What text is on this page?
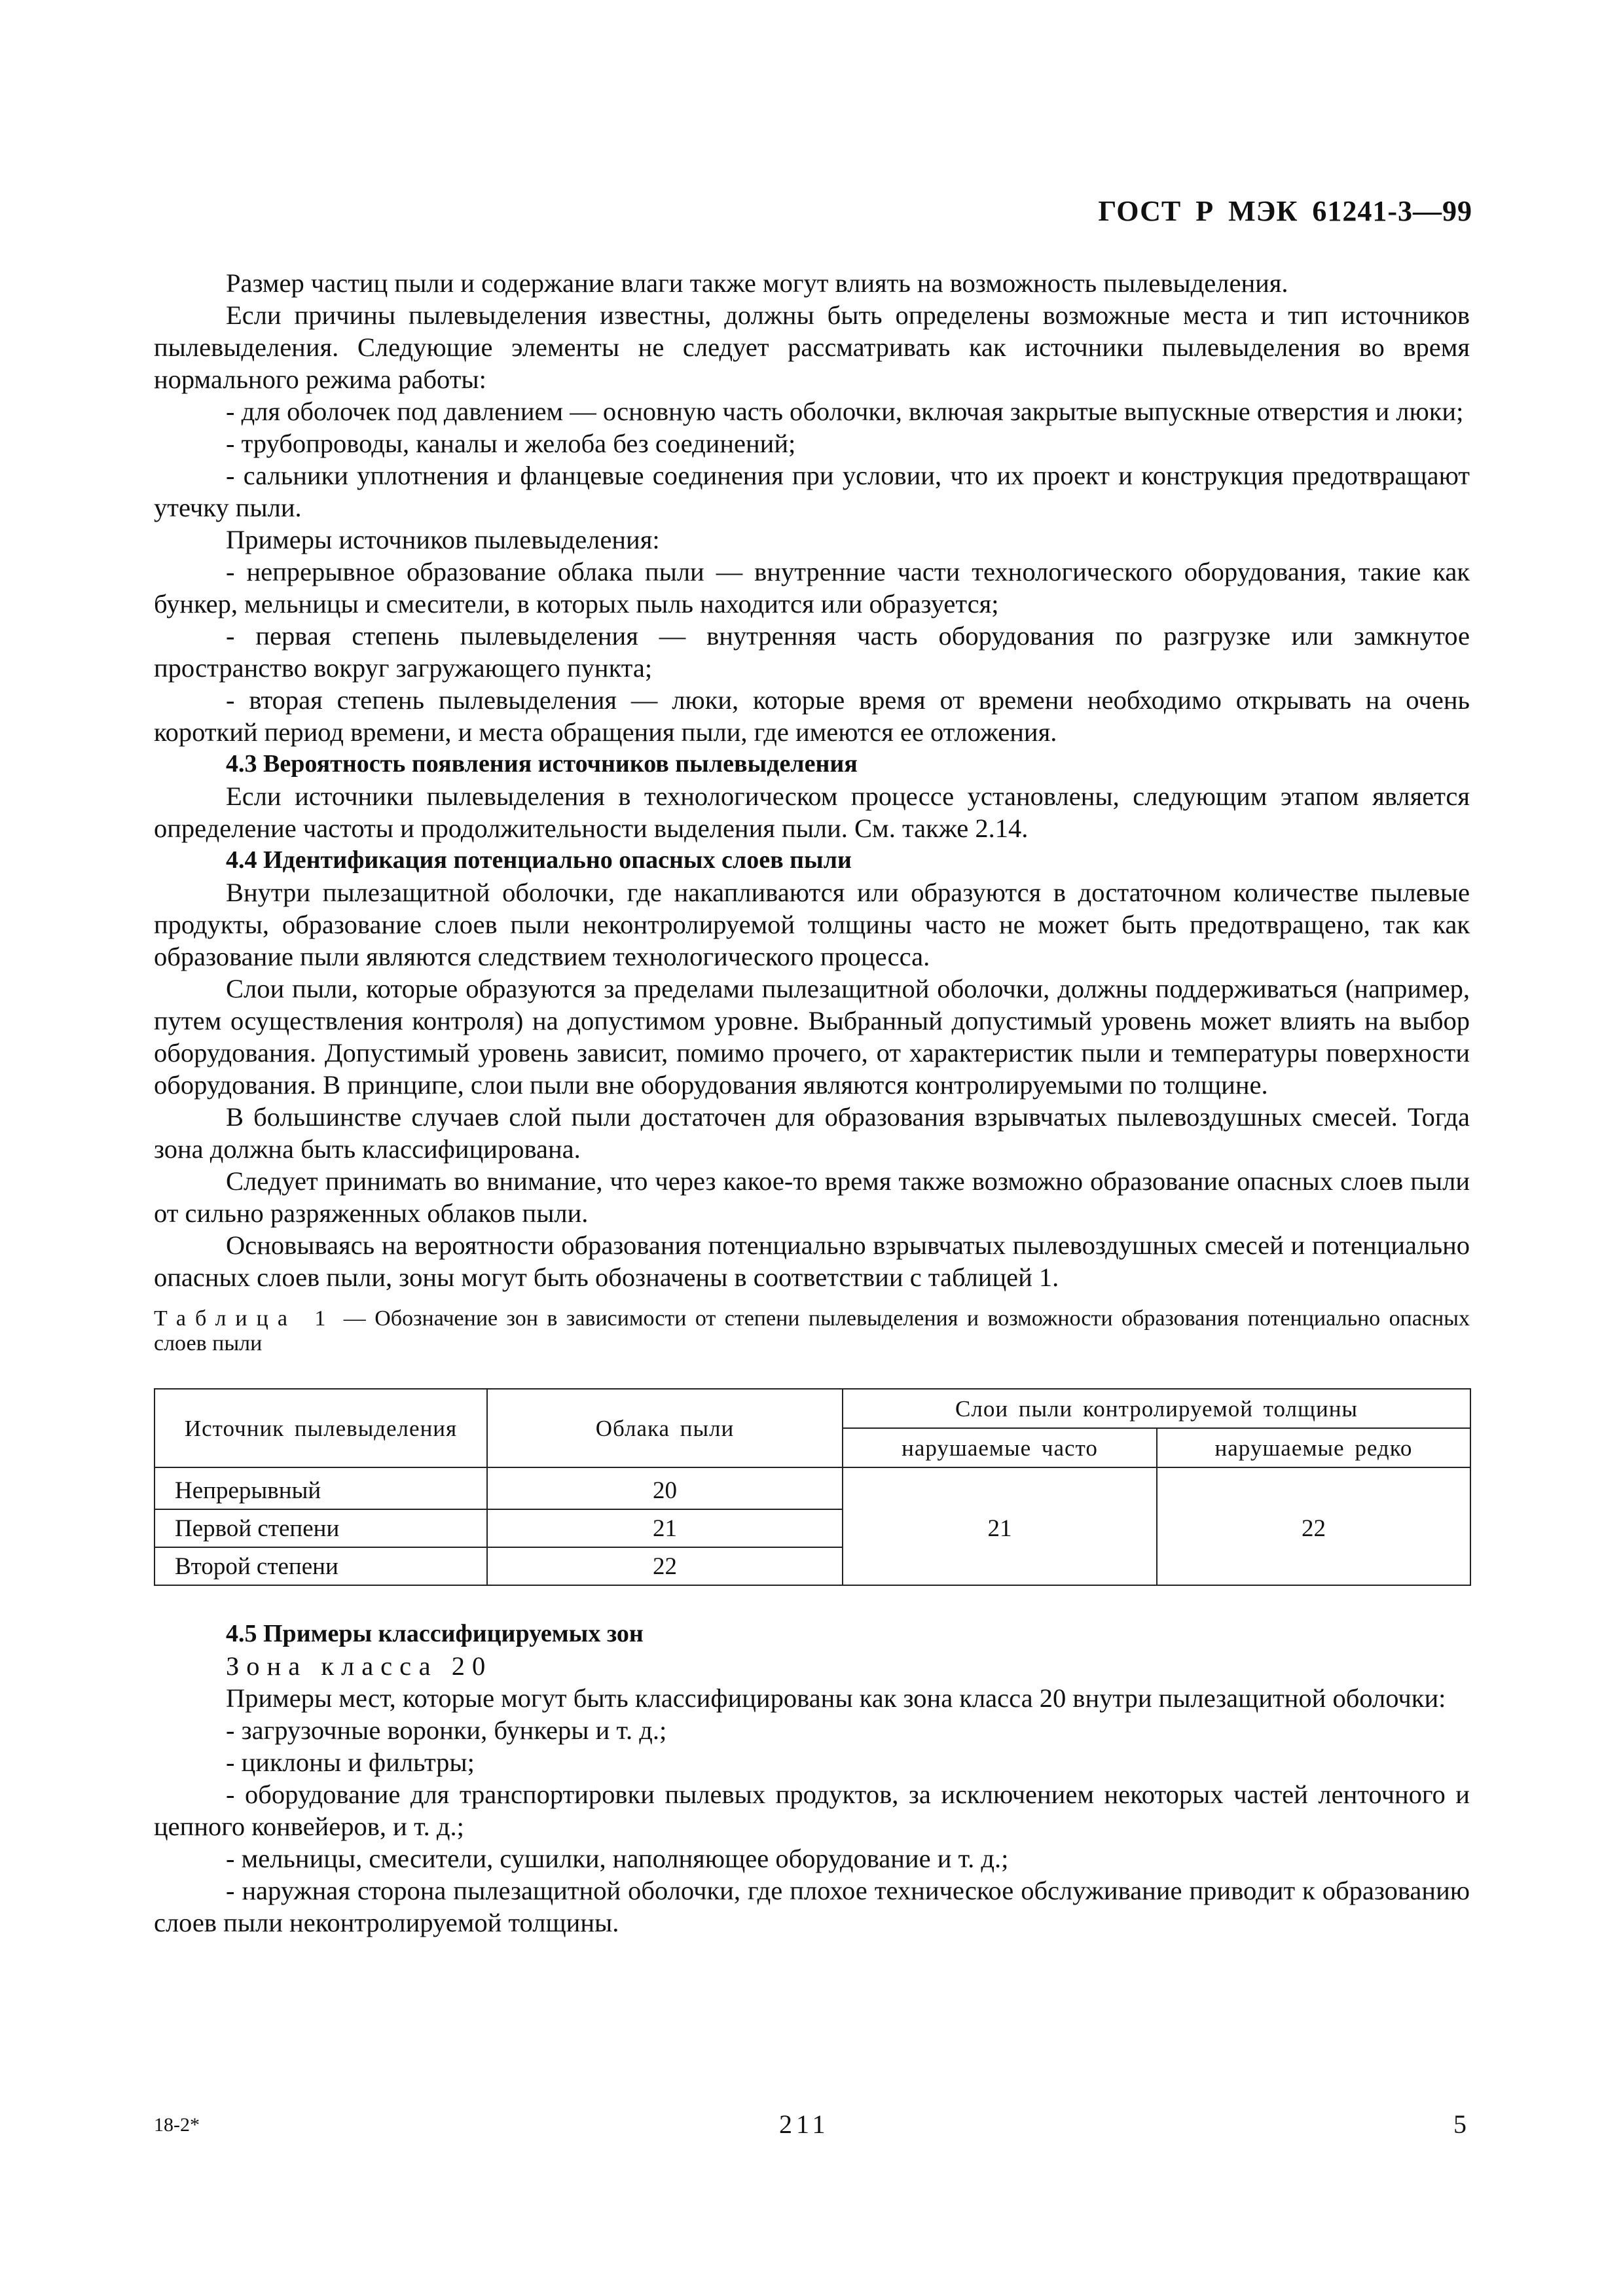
ГОСТ Р МЭК 61241-3—99

Размер частиц пыли и содержание влаги также могут влиять на возможность пылевыделения.

Если причины пылевыделения известны, должны быть определены возможные места и тип источников пылевыделения. Следующие элементы не следует рассматривать как источники пылевыделения во время нормального режима работы:

- для оболочек под давлением — основную часть оболочки, включая закрытые выпускные отверстия и люки;

- трубопроводы, каналы и желоба без соединений;

- сальники уплотнения и фланцевые соединения при условии, что их проект и конструкция предотвращают утечку пыли.

Примеры источников пылевыделения:

- непрерывное образование облака пыли — внутренние части технологического оборудования, такие как бункер, мельницы и смесители, в которых пыль находится или образуется;

- первая степень пылевыделения — внутренняя часть оборудования по разгрузке или замкнутое пространство вокруг загружающего пункта;

- вторая степень пылевыделения — люки, которые время от времени необходимо открывать на очень короткий период времени, и места обращения пыли, где имеются ее отложения.

4.3 Вероятность появления источников пылевыделения

Если источники пылевыделения в технологическом процессе установлены, следующим этапом является определение частоты и продолжительности выделения пыли. См. также 2.14.

4.4 Идентификация потенциально опасных слоев пыли

Внутри пылезащитной оболочки, где накапливаются или образуются в достаточном количестве пылевые продукты, образование слоев пыли неконтролируемой толщины часто не может быть предотвращено, так как образование пыли являются следствием технологического процесса.

Слои пыли, которые образуются за пределами пылезащитной оболочки, должны поддерживаться (например, путем осуществления контроля) на допустимом уровне. Выбранный допустимый уровень может влиять на выбор оборудования. Допустимый уровень зависит, помимо прочего, от характеристик пыли и температуры поверхности оборудования. В принципе, слои пыли вне оборудования являются контролируемыми по толщине.

В большинстве случаев слой пыли достаточен для образования взрывчатых пылевоздушных смесей. Тогда зона должна быть классифицирована.

Следует принимать во внимание, что через какое-то время также возможно образование опасных слоев пыли от сильно разряженных облаков пыли.

Основываясь на вероятности образования потенциально взрывчатых пылевоздушных смесей и потенциально опасных слоев пыли, зоны могут быть обозначены в соответствии с таблицей 1.

Таблица 1 — Обозначение зон в зависимости от степени пылевыделения и возможности образования потенциально опасных слоев пыли
Источник пылевыделения	Облака пыли	Слои пыли контролируемой толщины	
		нарушаемые часто	нарушаемые редко
Непрерывный	20	21	22
Первой степени	21		
Второй степени	22		

4.5 Примеры классифицируемых зон

Зона класса 20

Примеры мест, которые могут быть классифицированы как зона класса 20 внутри пылезащитной оболочки:

- загрузочные воронки, бункеры и т. д.;

- циклоны и фильтры;

- оборудование для транспортировки пылевых продуктов, за исключением некоторых частей ленточного и цепного конвейеров, и т. д.;

- мельницы, смесители, сушилки, наполняющее оборудование и т. д.;

- наружная сторона пылезащитной оболочки, где плохое техническое обслуживание приводит к образованию слоев пыли неконтролируемой толщины.

18-2*	211	5
